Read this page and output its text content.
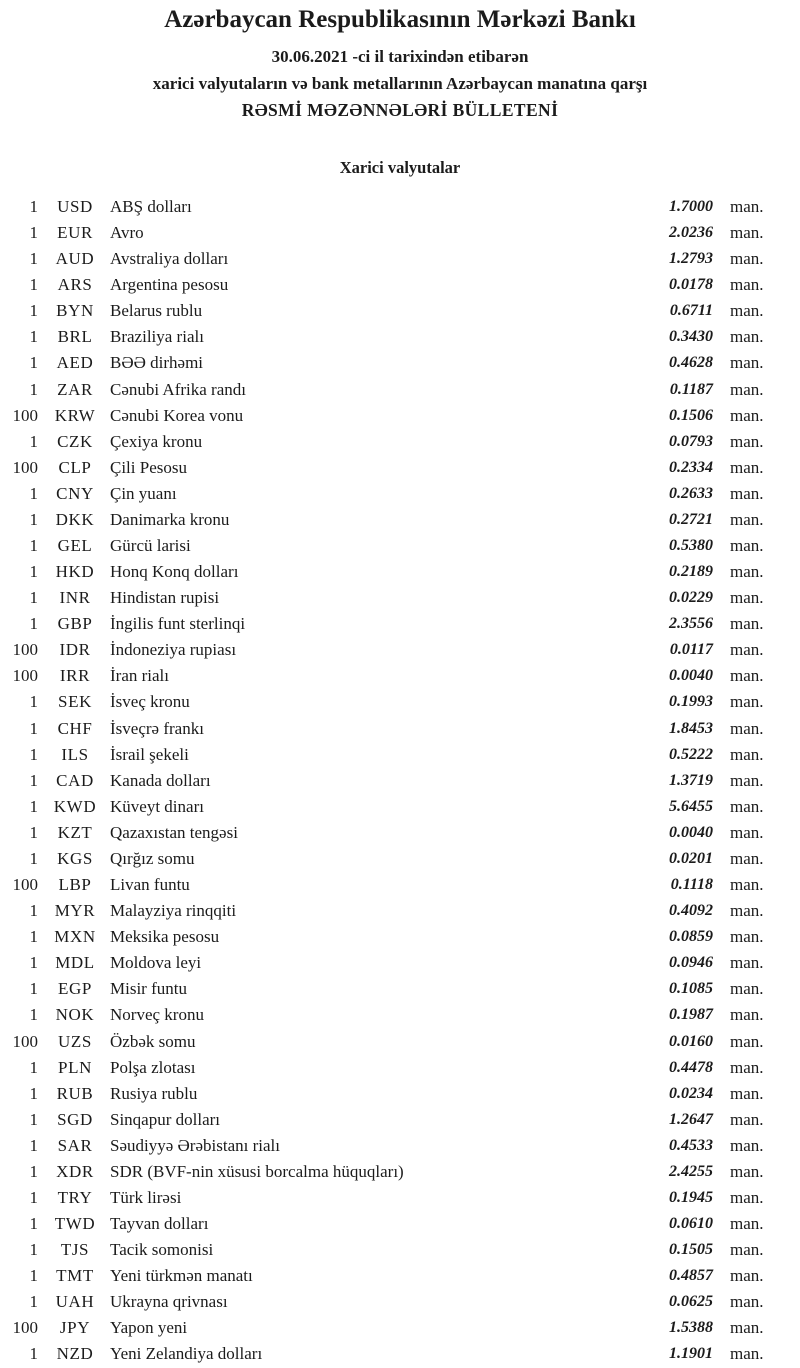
Azərbaycan Respublikasının Mərkəzi Bankı
30.06.2021 -ci il tarixindən etibarən
xarici valyutaların və bank metallarının Azərbaycan manatına qarşı
RƏSMİ MƏZƏNNƏLƏRİ BÜLLETENİ
Xarici valyutalar
1	USD	ABŞ dolları	1.7000	man.
1	EUR	Avro	2.0236	man.
1	AUD Avstraliya dolları	1.2793	man.
1	ARS	Argentina pesosu	0.0178	man.
1	BYN Belarus rublu	0.6711	man.
1	BRL	Braziliya rialı	0.3430	man.
1	AED BƏƏ dirhəmi	0.4628	man.
1	ZAR	Cənubi Afrika randı	0.1187	man.
100 KRW Cənubi Korea vonu	0.1506	man.
1	CZK	Çexiya kronu	0.0793	man.
100	CLP	Çili Pesosu	0.2334	man.
1	CNY Çin yuanı	0.2633	man.
1	DKK Danimarka kronu	0.2721	man.
1	GEL	Gürcü larisi	0.5380	man.
1	HKD Honq Konq dolları	0.2189	man.
1	INR	Hindistan rupisi	0.0229	man.
1	GBP	İngilis funt sterlinqi	2.3556	man.
100	IDR	İndoneziya rupiası	0.0117	man.
100	IRR	İran rialı	0.0040	man.
1	SEK	İsveç kronu	0.1993	man.
1	CHF	İsveçrə frankı	1.8453	man.
1	ILS	İsrail şekeli	0.5222	man.
1	CAD Kanada dolları	1.3719	man.
1 KWD Küveyt dinarı	5.6455	man.
1	KZT	Qazaxıstan tengəsi	0.0040	man.
1	KGS	Qırğız somu	0.0201	man.
100	LBP	Livan funtu	0.1118	man.
1 MYR Malayziya rinqqiti	0.4092	man.
1 MXN Meksika pesosu	0.0859	man.
1	MDL Moldova leyi	0.0946	man.
1	EGP	Misir funtu	0.1085	man.
1	NOK Norveç kronu	0.1987	man.
100	UZS	Özbək somu	0.0160	man.
1	PLN	Polşa zlotası	0.4478	man.
1	RUB Rusiya rublu	0.0234	man.
1	SGD	Sinqapur dolları	1.2647	man.
1	SAR	Səudiyyə Ərəbistanı rialı	0.4533	man.
1	XDR SDR (BVF-nin xüsusi borcalma hüquqları)	2.4255	man.
1	TRY	Türk lirəsi	0.1945	man.
1 TWD Tayvan dolları	0.0610	man.
1	TJS	Tacik somonisi	0.1505	man.
1	TMT Yeni türkmən manatı	0.4857	man.
1	UAH Ukrayna qrivnası	0.0625	man.
100	JPY	Yapon yeni	1.5388	man.
1	NZD Yeni Zelandiya dolları	1.1901	man.
